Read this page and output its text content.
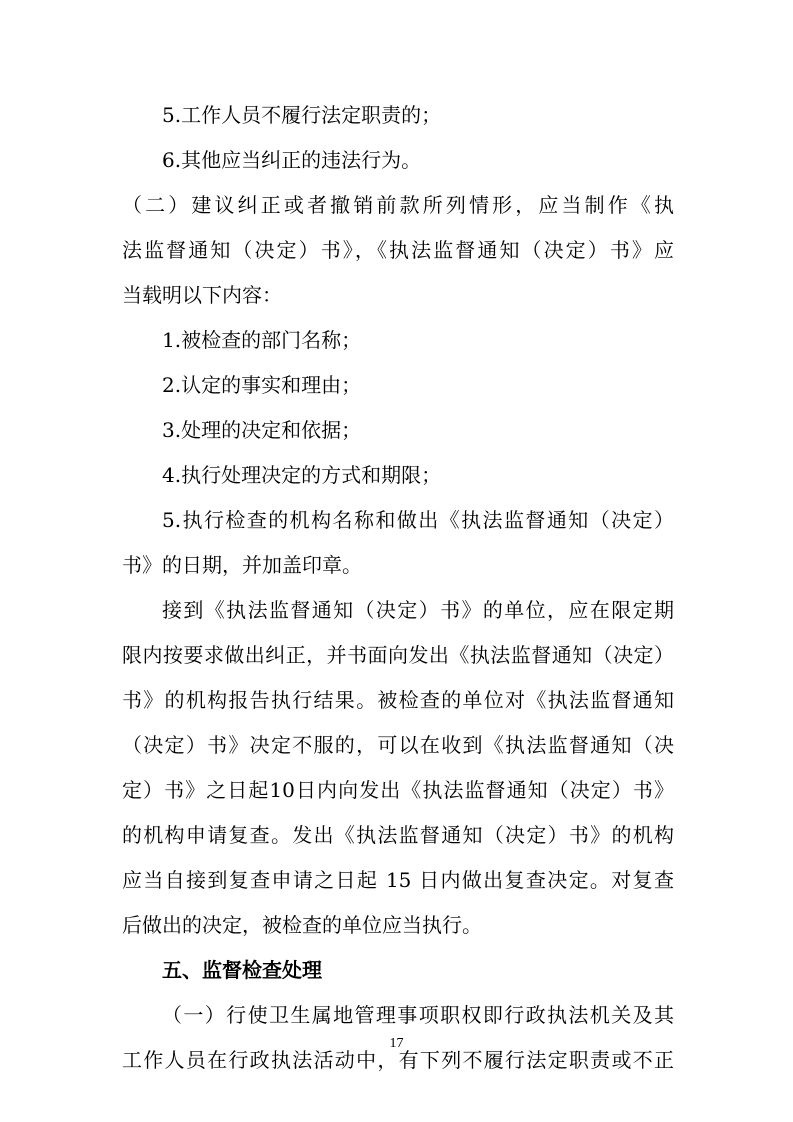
5.工作人员不履行法定职责的；
6.其他应当纠正的违法行为。
（二）建议纠正或者撤销前款所列情形，应当制作《执
法监督通知（决定）书》，《执法监督通知（决定）书》应
当载明以下内容：
1.被检查的部门名称；
2.认定的事实和理由；
3.处理的决定和依据；
4.执行处理决定的方式和期限；
5.执行检查的机构名称和做出《执法监督通知（决定）
书》的日期，并加盖印章。
接到《执法监督通知（决定）书》的单位，应在限定期
限内按要求做出纠正，并书面向发出《执法监督通知（决定）
书》的机构报告执行结果。被检查的单位对《执法监督通知
（决定）书》决定不服的，可以在收到《执法监督通知（决
定）书》之日起10日内向发出《执法监督通知（决定）书》
的机构申请复查。发出《执法监督通知（决定）书》的机构
应当自接到复查申请之日起 15 日内做出复查决定。对复查
后做出的决定，被检查的单位应当执行。
五、监督检查处理
（一）行使卫生属地管理事项职权即行政执法机关及其
工作人员在行政执法活动中，有下列不履行法定职责或不正
17
